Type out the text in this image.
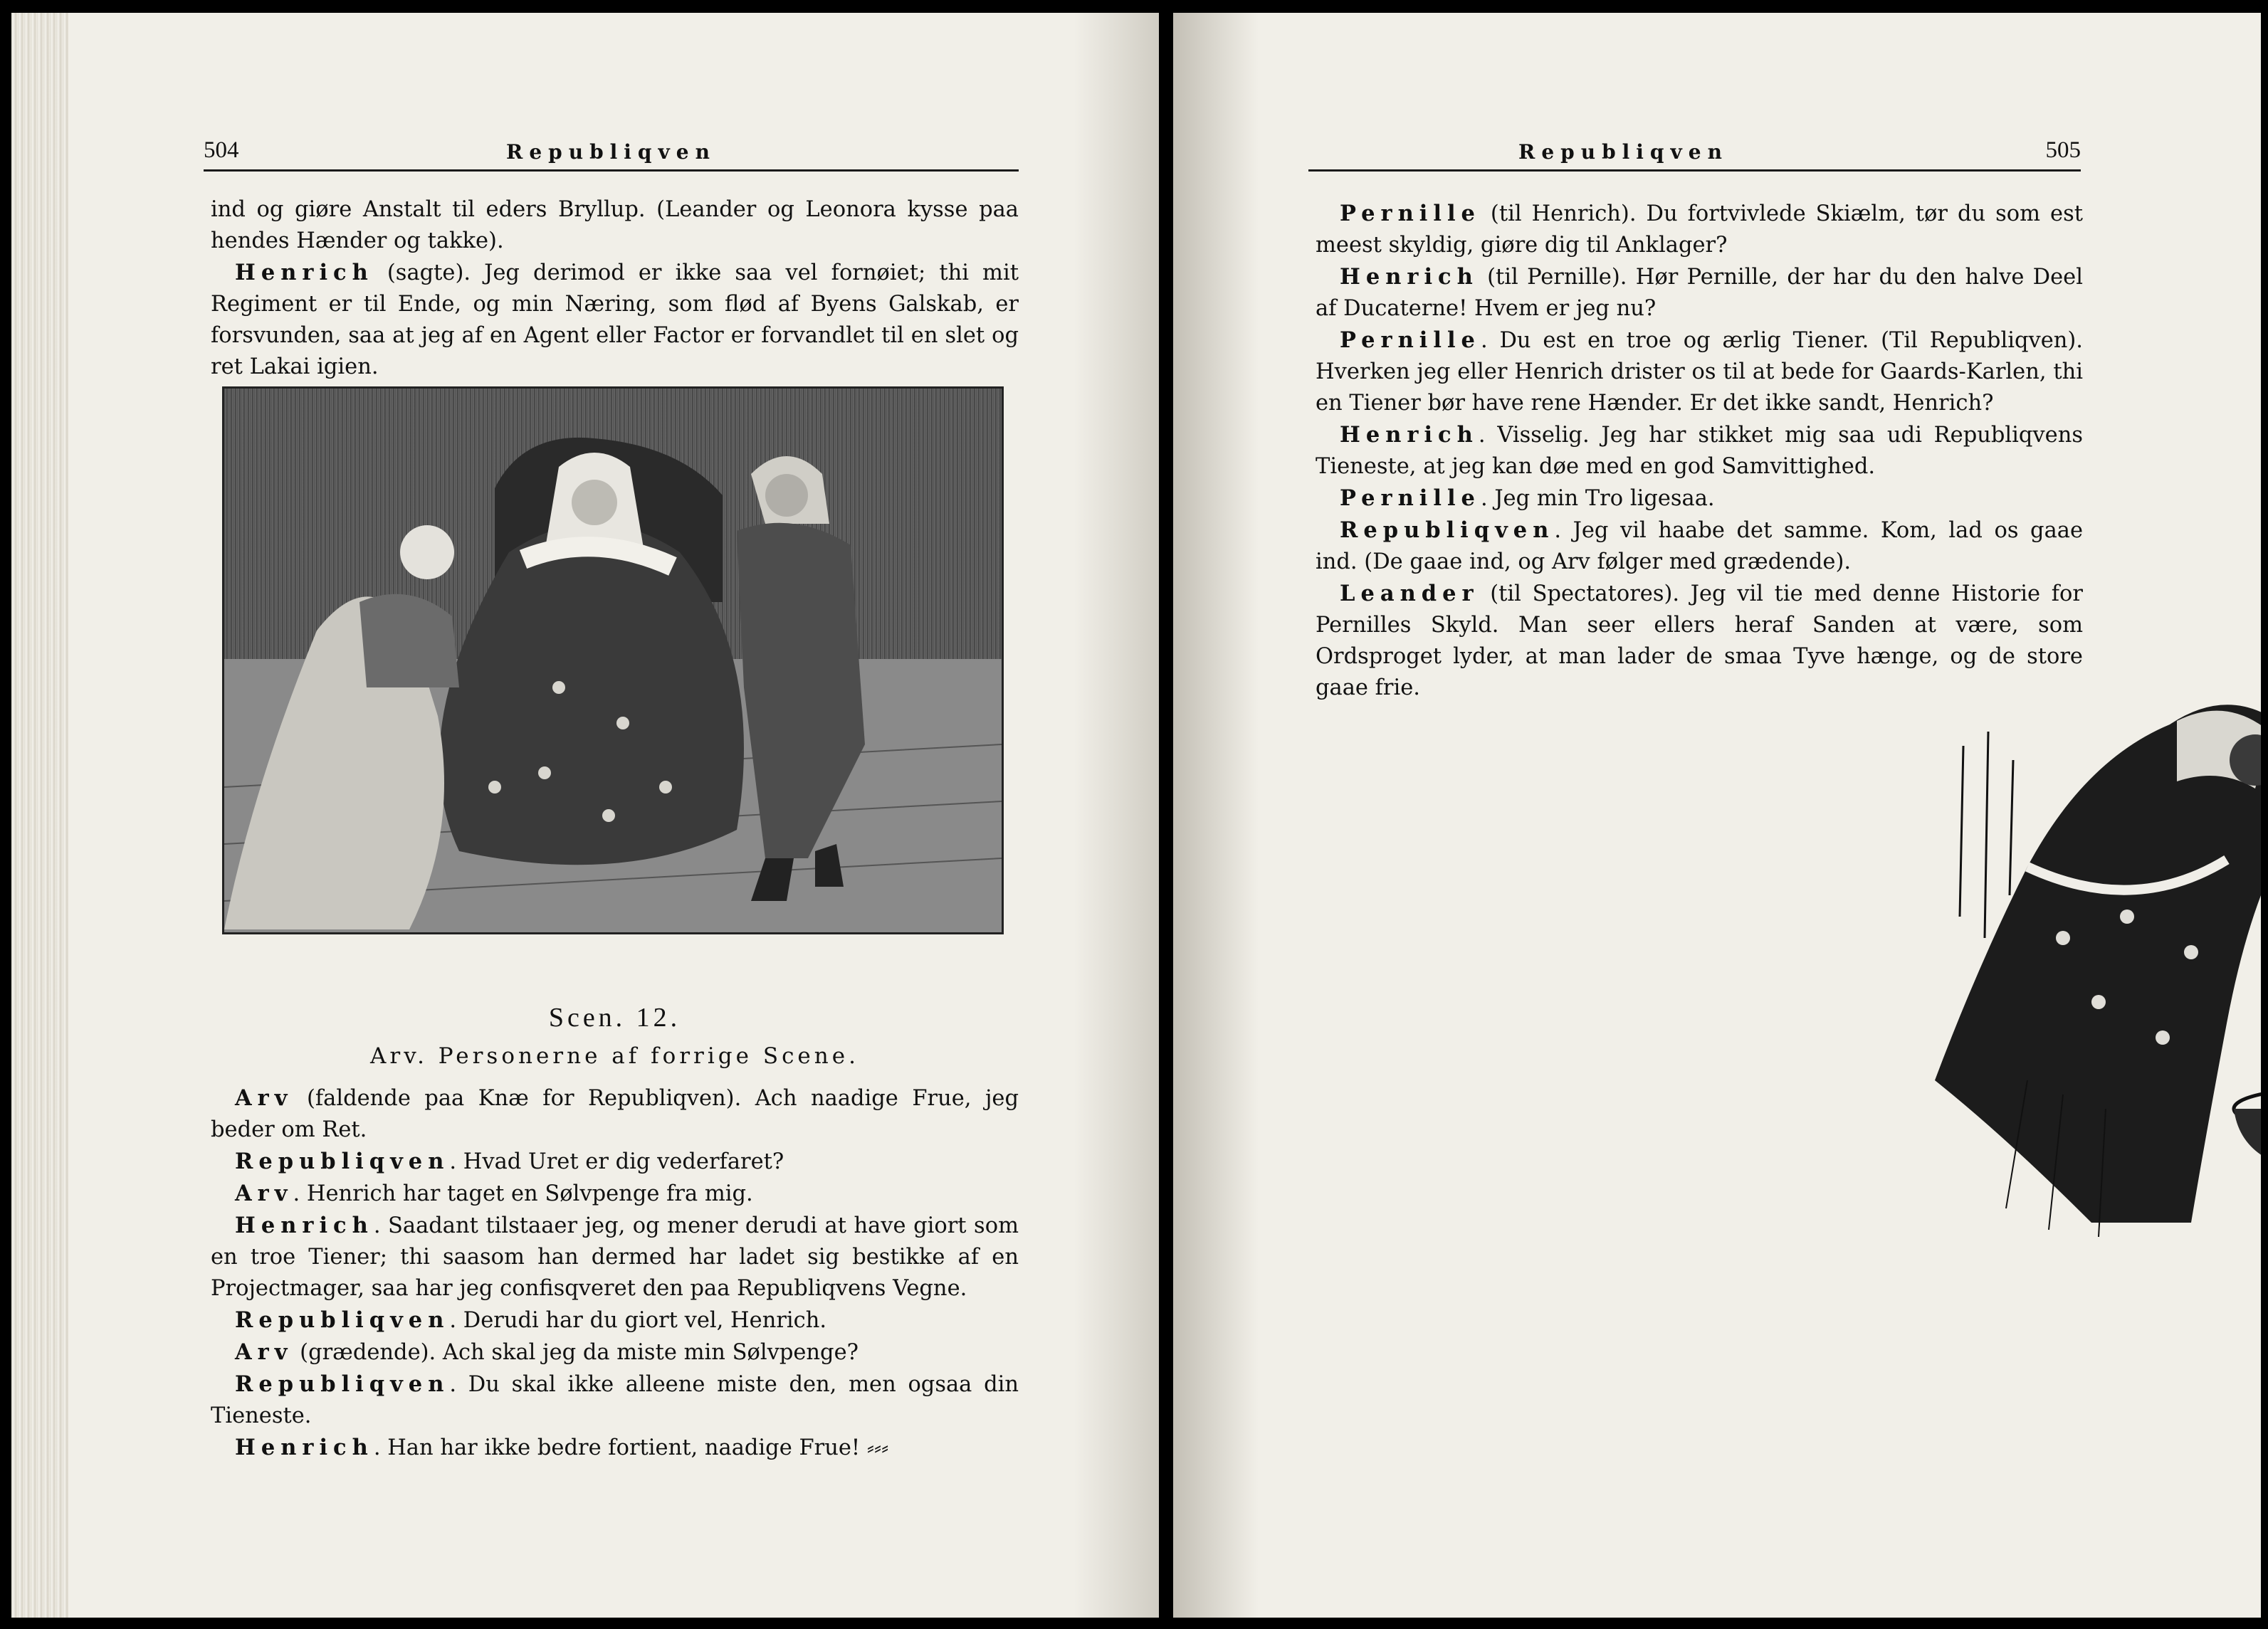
504	Republiqven

ind og giøre Anstalt til eders Bryllup. (Leander og Leonora kysse paa hendes Hænder og takke).

Henrich (sagte). Jeg derimod er ikke saa vel fornøiet; thi mit Regiment er til Ende, og min Næring, som flød af Byens Galskab, er forsvunden, saa at jeg af en Agent eller Factor er forvandlet til en slet og ret Lakai igien.

Scen. 12.
Arv. Personerne af forrige Scene.

Arv (faldende paa Knæ for Republiqven). Ach naadige Frue, jeg beder om Ret.

Republiqven. Hvad Uret er dig vederfaret?

Arv. Henrich har taget en Sølvpenge fra mig.

Henrich. Saadant tilstaaer jeg, og mener derudi at have giort som en troe Tiener; thi saasom han dermed har ladet sig bestikke af en Projectmager, saa har jeg confisqveret den paa Republiqvens Vegne.

Republiqven. Derudi har du giort vel, Henrich.

Arv (grædende). Ach skal jeg da miste min Sølvpenge?

Republiqven. Du skal ikke alleene miste den, men ogsaa din Tieneste.

Henrich. Han har ikke bedre fortient, naadige Frue! ⸗⸗⸗

Republiqven	505

Pernille (til Henrich). Du fortvivlede Skiælm, tør du som est meest skyldig, giøre dig til Anklager?

Henrich (til Pernille). Hør Pernille, der har du den halve Deel af Ducaterne! Hvem er jeg nu?

Pernille. Du est en troe og ærlig Tiener. (Til Republiqven). Hverken jeg eller Henrich drister os til at bede for Gaards-Karlen, thi en Tiener bør have rene Hænder. Er det ikke sandt, Henrich?

Henrich. Visselig. Jeg har stikket mig saa udi Republiqvens Tieneste, at jeg kan døe med en god Samvittighed.

Pernille. Jeg min Tro ligesaa.

Republiqven. Jeg vil haabe det samme. Kom, lad os gaae ind. (De gaae ind, og Arv følger med grædende).

Leander (til Spectatores). Jeg vil tie med denne Historie for Pernilles Skyld. Man seer ellers heraf Sanden at være, som Ordsproget lyder, at man lader de smaa Tyve hænge, og de store gaae frie.
